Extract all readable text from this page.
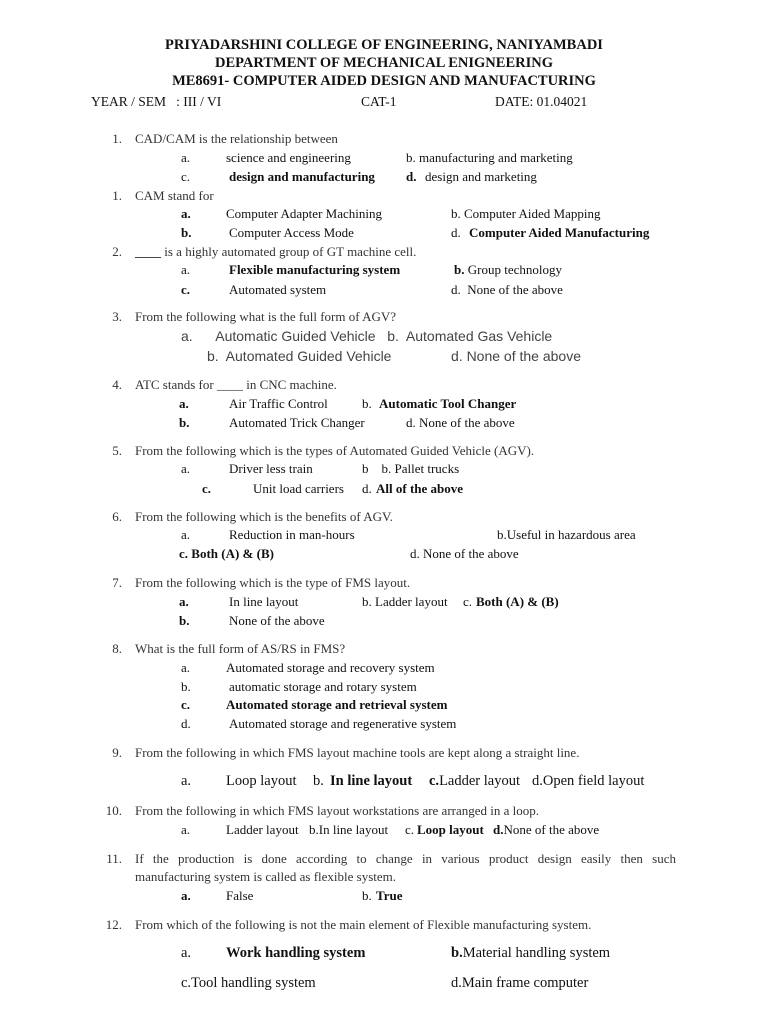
PRIYADARSHINI COLLEGE OF ENGINEERING, NANIYAMBADI
DEPARTMENT OF MECHANICAL ENIGNEERING
ME8691- COMPUTER AIDED DESIGN AND MANUFACTURING
YEAR / SEM   : III / VI	CAT-1	DATE: 01.04021
1. CAD/CAM is the relationship between
a.	science and engineering	b. manufacturing and marketing
c.	design and manufacturing d. design and marketing
1. CAM stand for
a.	Computer Adapter Machining	b. Computer Aided Mapping
b.	Computer Access Mode	d. Computer Aided Manufacturing
2. ____ is a highly automated group of GT machine cell.
a.	Flexible manufacturing system	b. Group technology
c.	Automated system	d.  None of the above
3. From the following what is the full form of AGV?
a.      Automatic Guided Vehicle   b.  Automated Gas Vehicle
b.  Automated Guided Vehicle	d. None of the above
4. ATC stands for ____ in CNC machine.
a.	Air Traffic Control	b. Automatic Tool Changer
b.	Automated Trick Changer	d. None of the above
5. From the following which is the types of Automated Guided Vehicle (AGV).
a.	Driver less train	b    b. Pallet trucks
c.	Unit load carriers d. All of the above
6. From the following which is the benefits of AGV.
a.	Reduction in man-hours	b.Useful in hazardous area
c. Both (A) & (B)	d. None of the above
7. From the following which is the type of FMS layout.
a.	In line layout	b. Ladder layout c. Both (A) & (B)
b.	None of the above
8. What is the full form of AS/RS in FMS?
a.	Automated storage and recovery system
b.	automatic storage and rotary system
c.	Automated storage and retrieval system
d.	Automated storage and regenerative system
9. From the following in which FMS layout machine tools are kept along a straight line.
a. Loop layout b. In line layout c.Ladder layout d.Open field layout
10. From the following in which FMS layout workstations are arranged in a loop.
a.	Ladder layout b.In line layout c. Loop layout d.None of the above
11. If the production is done according to change in various product design easily then such
manufacturing system is called as flexible system.
a.	False	b. True
12. From which of the following is not the main element of Flexible manufacturing system.
a. Work handling system	b.Material handling system
c.Tool handling system	d.Main frame computer
